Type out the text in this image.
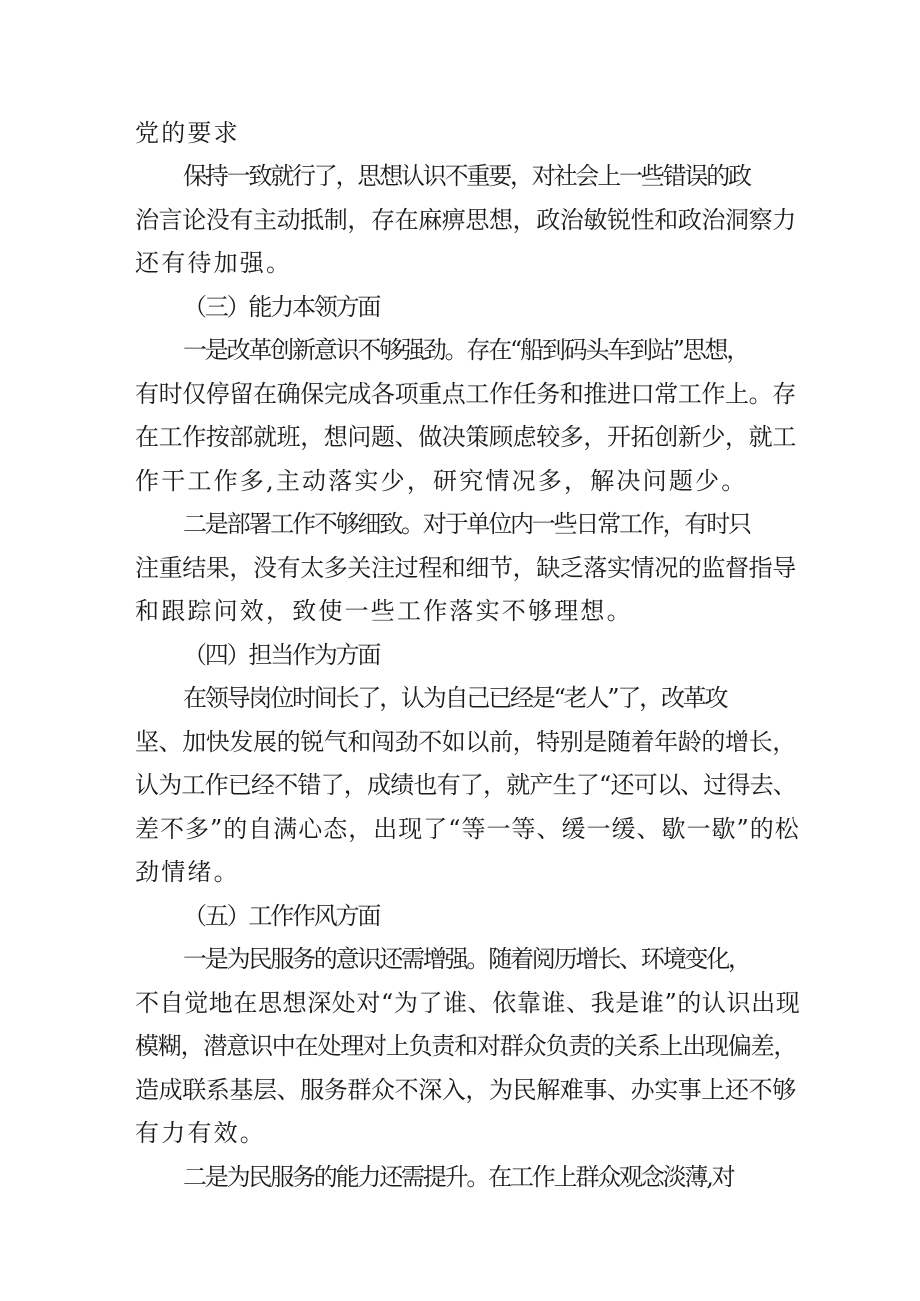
党的要求
保持一致就行了，思想认识不重要，对社会上一些错误的政
治言论没有主动抵制，存在麻痹思想，政治敏锐性和政治洞察力
还有待加强。
（三）能力本领方面
一是改革创新意识不够强劲。存在“船到码头车到站”思想，
有时仅停留在确保完成各项重点工作任务和推进口常工作上。存
在工作按部就班，想问题、做决策顾虑较多，开拓创新少，就工
作干工作多,主动落实少，研究情况多，解决问题少。
二是部署工作不够细致。对于单位内一些日常工作，有时只
注重结果，没有太多关注过程和细节，缺乏落实情况的监督指导
和跟踪问效，致使一些工作落实不够理想。
（四）担当作为方面
在领导岗位时间长了，认为自己已经是“老人”了，改革攻
坚、加快发展的锐气和闯劲不如以前，特别是随着年龄的增长，
认为工作已经不错了，成绩也有了，就产生了“还可以、过得去、
差不多”的自满心态，出现了“等一等、缓一缓、歇一歇”的松
劲情绪。
（五）工作作风方面
一是为民服务的意识还需增强。随着阅历增长、环境变化，
不自觉地在思想深处对“为了谁、依靠谁、我是谁”的认识出现
模糊，潜意识中在处理对上负责和对群众负责的关系上出现偏差，
造成联系基层、服务群众不深入，为民解难事、办实事上还不够
有力有效。
二是为民服务的能力还需提升。在工作上群众观念淡薄,对
